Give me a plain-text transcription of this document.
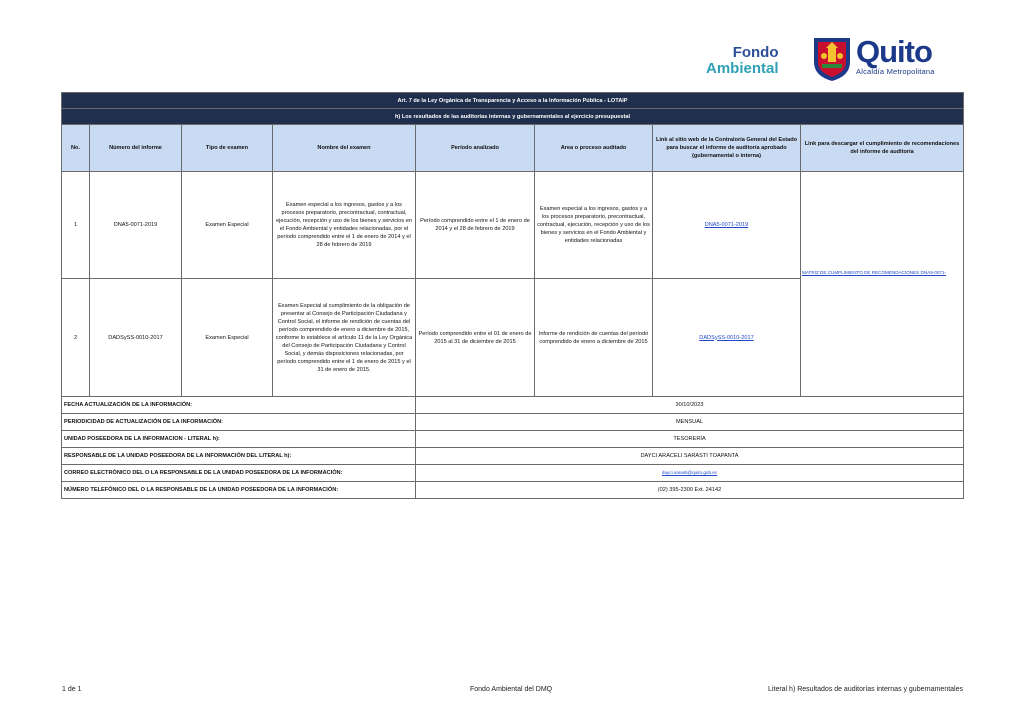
Fondo
Ambiental Quito
Alcaldía Metropolitana
Art. 7 de la Ley Orgánica de Transparencia y Acceso a la Información Pública - LOTAIP							
h) Los resultados de las auditorías internas y gubernamentales al ejercicio presupuestal							
No.	Número del informe	Tipo de examen	Nombre del examen	Período analizado	Area o proceso auditado	Link al sitio web de la Contraloría General del Estado para buscar el informe de auditoría aprobado (gubernamental o interna)	Link para descargar el cumplimiento de recomendaciones del informe de auditoría
1	DNA5-0071-2019	Examen Especial	Examen especial a los ingresos, gastos y a los procesos preparatorio, precontractual, contractual, ejecución, recepción y uso de los bienes y servicios en el Fondo Ambiental y entidades relacionadas, por el período comprendido entre el 1 de enero de 2014 y el 28 de febrero de 2019	Período comprendido entre el 1 de enero de 2014 y el 28 de febrero de 2019	Examen especial a los ingresos, gastos y a los procesos preparatorio, precontractual, contractual, ejecución, recepción y uso de los bienes y servicios en el Fondo Ambiental y entidades relacionadas	DNA5-0071-2019	MATRIZ DE CUMPLIMIENTO DE RECOMENDACIONES DNA5-0071-

2	DADSySS-0010-2017	Examen Especial	Examen Especial al cumplimiento de la obligación de presentar al Consejo de Participación Ciudadana y Control Social, el informe de rendición de cuentas del período comprendido de enero a diciembre de 2015, conforme lo establece el artículo 11 de la Ley Orgánica del Consejo de Participación Ciudadana y Control Social, y demás disposiciones relacionadas, por período comprendido entre el 1 de enero de 2015 y el 31 de enero de 2015.	Período comprendido entre el 01 de enero de 2015 al 31 de diciembre de 2015	Informe de rendición de cuentas del período comprendido de enero a diciembre de 2015	DADSySS-0010-2017	
FECHA ACTUALIZACIÓN DE LA INFORMACIÓN:				30/10/2023			
PERIODICIDAD DE ACTUALIZACIÓN DE LA INFORMACIÓN:				MENSUAL			
UNIDAD POSEEDORA DE LA INFORMACION - LITERAL h):				TESORERÍA			
RESPONSABLE DE LA UNIDAD POSEEDORA DE LA INFORMACIÓN DEL LITERAL h):				DAYCI ARACELI SARASTI TOAPANTA			
CORREO ELECTRÓNICO DEL O LA RESPONSABLE DE LA UNIDAD POSEEDORA DE LA INFORMACIÓN:				dayci.sarasti@quito.gob.ec			
NÚMERO TELEFÓNICO DEL O LA RESPONSABLE DE LA UNIDAD POSEEDORA DE LA INFORMACIÓN:				(02) 395-2300 Ext. 24142			
1 de 1	Fondo Ambiental del DMQ	Literal h) Resultados de auditorías internas y gubernamentales
